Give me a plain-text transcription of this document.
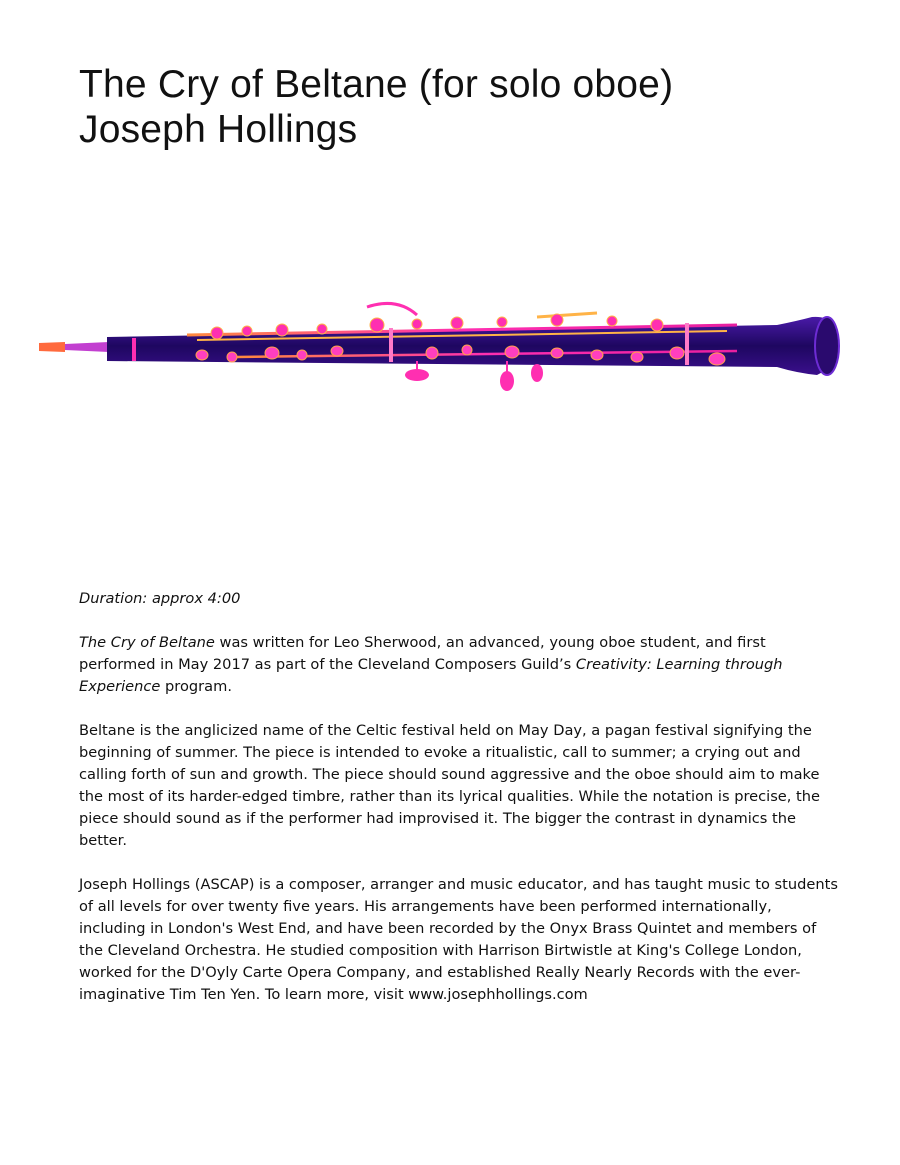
The Cry of Beltane (for solo oboe)
Joseph Hollings

Duration: approx 4:00

The Cry of Beltane was written for Leo Sherwood, an advanced, young oboe student, and first performed in May 2017 as part of the Cleveland Composers Guild’s Creativity: Learning through Experience program.

Beltane is the anglicized name of the Celtic festival held on May Day, a pagan festival signifying the beginning of summer. The piece is intended to evoke a ritualistic, call to summer; a crying out and calling forth of sun and growth. The piece should sound aggressive and the oboe should aim to make the most of its harder-edged timbre, rather than its lyrical qualities. While the notation is precise, the piece should sound as if the performer had improvised it. The bigger the contrast in dynamics the better.

Joseph Hollings (ASCAP) is a composer, arranger and music educator, and has taught music to students of all levels for over twenty five years. His arrangements have been performed internationally, including in London's West End, and have been recorded by the Onyx Brass Quintet and members of the Cleveland Orchestra. He studied composition with Harrison Birtwistle at King's College London, worked for the D'Oyly Carte Opera Company, and established Really Nearly Records with the ever-imaginative Tim Ten Yen. To learn more, visit www.josephhollings.com
